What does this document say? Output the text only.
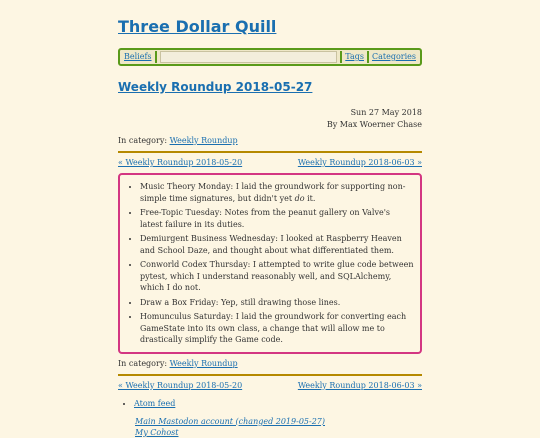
Three Dollar Quill
Beliefs	Tags Categories
Weekly Roundup 2018-05-27
Sun 27 May 2018
By Max Woerner Chase
In category: Weekly Roundup
« Weekly Roundup 2018-05-20	Weekly Roundup 2018-06-03 »
• Music Theory Monday: I laid the groundwork for supporting non-simple time signatures, but didn't yet do it.
• Free-Topic Tuesday: Notes from the peanut gallery on Valve's latest failure in its duties.
• Demiurgent Business Wednesday: I looked at Raspberry Heaven and School Daze, and thought about what differentiated them.
• Conworld Codex Thursday: I attempted to write glue code between pytest, which I understand reasonably well, and SQLAlchemy, which I do not.
• Draw a Box Friday: Yep, still drawing those lines.
• Homunculus Saturday: I laid the groundwork for converting each GameState into its own class, a change that will allow me to drastically simplify the Game code.
In category: Weekly Roundup
« Weekly Roundup 2018-05-20	Weekly Roundup 2018-06-03 »
• Atom feed
Main Mastodon account (changed 2019-05-27)
My Cohost
